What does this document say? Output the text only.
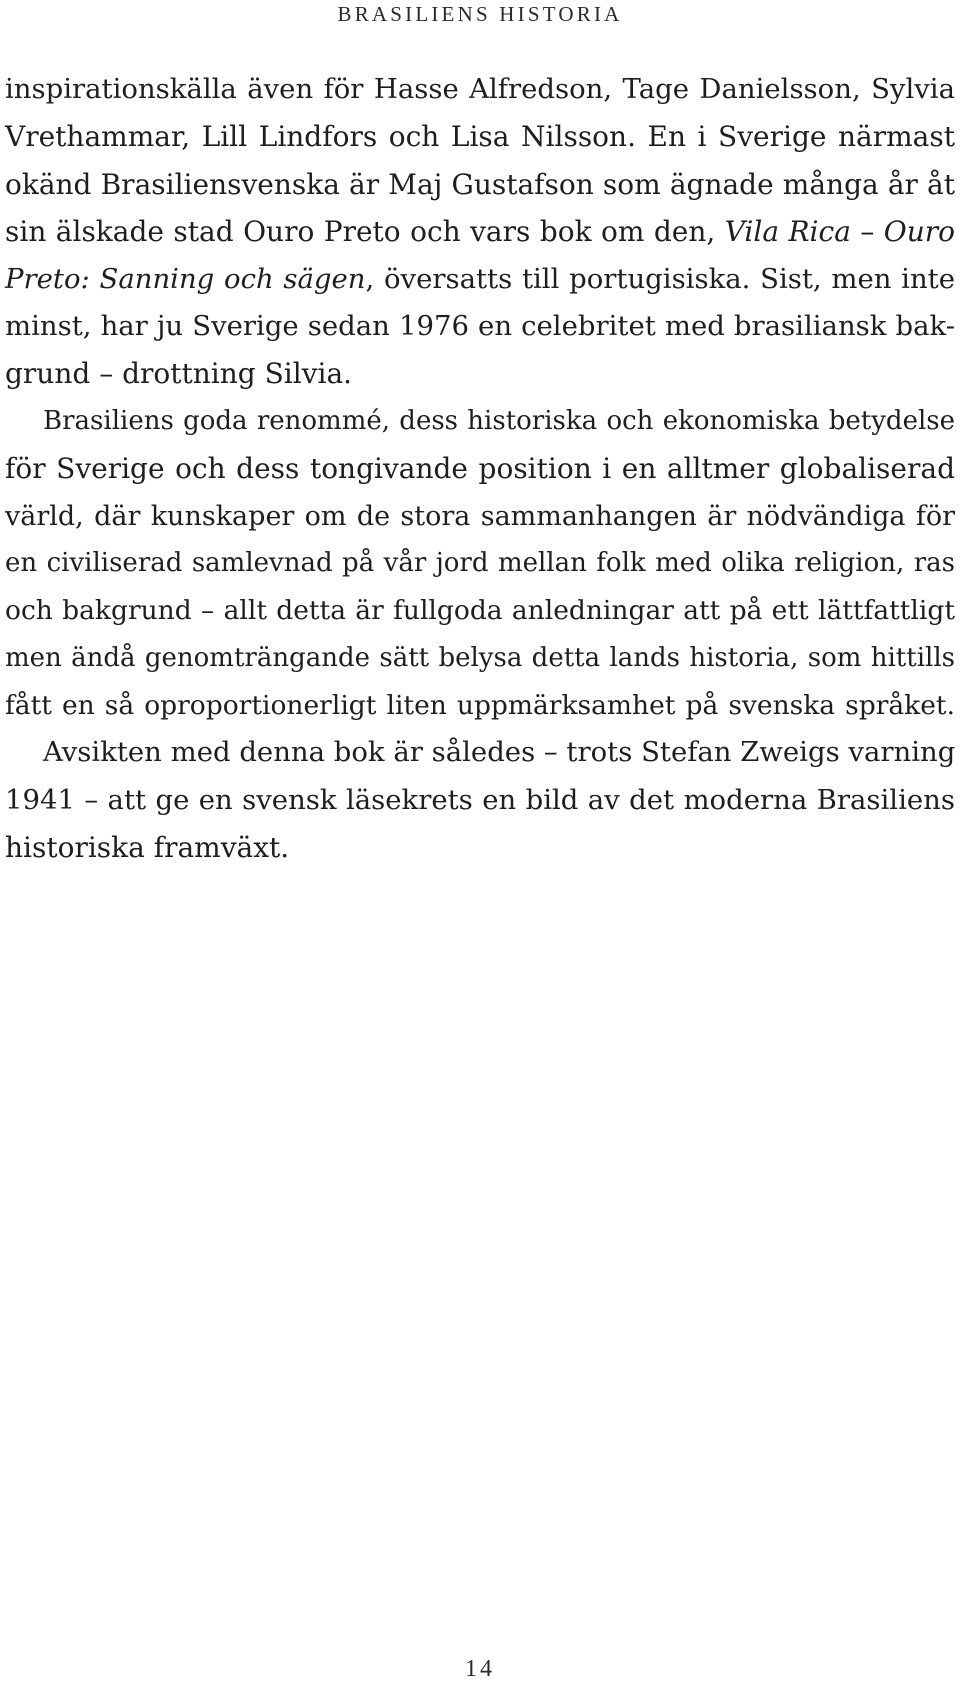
BRASILIENS HISTORIA
inspirationskälla även för Hasse Alfredson, Tage Danielsson, Sylvia
Vrethammar, Lill Lindfors och Lisa Nilsson. En i Sverige närmast
okänd Brasiliensvenska är Maj Gustafson som ägnade många år åt
sin älskade stad Ouro Preto och vars bok om den, Vila Rica – Ouro
Preto: Sanning och sägen, översatts till portugisiska. Sist, men inte
minst, har ju Sverige sedan 1976 en celebritet med brasiliansk bak-
grund – drottning Silvia.
Brasiliens goda renommé, dess historiska och ekonomiska betydelse
för Sverige och dess tongivande position i en alltmer globaliserad
värld, där kunskaper om de stora sammanhangen är nödvändiga för
en civiliserad samlevnad på vår jord mellan folk med olika religion, ras
och bakgrund – allt detta är fullgoda anledningar att på ett lättfattligt
men ändå genomträngande sätt belysa detta lands historia, som hittills
fått en så oproportionerligt liten uppmärksamhet på svenska språket.
Avsikten med denna bok är således – trots Stefan Zweigs varning
1941 – att ge en svensk läsekrets en bild av det moderna Brasiliens
historiska framväxt.
14
